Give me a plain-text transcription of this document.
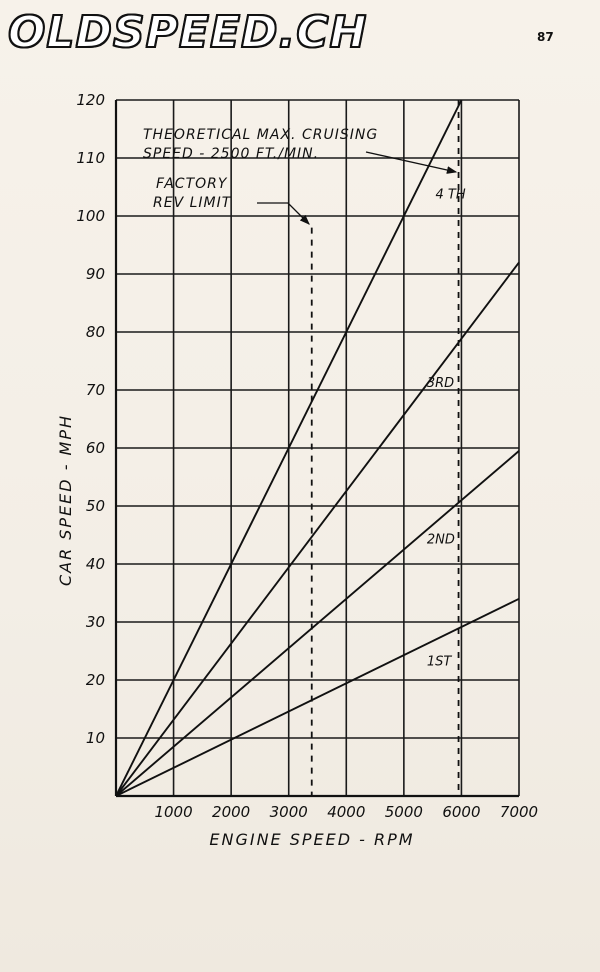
OLDSPEED.CH	87
1ST
2ND
3RD
4 TH
1000 2000 3000 4000 5000 6000 7000
10
20
30
40
50
60
70
80
90
100
110
120
ENGINE SPEED - RPM
CAR SPEED - MPH
FACTORY
REV LIMIT
THEORETICAL MAX. CRUISING
SPEED - 2500 FT./MIN.
